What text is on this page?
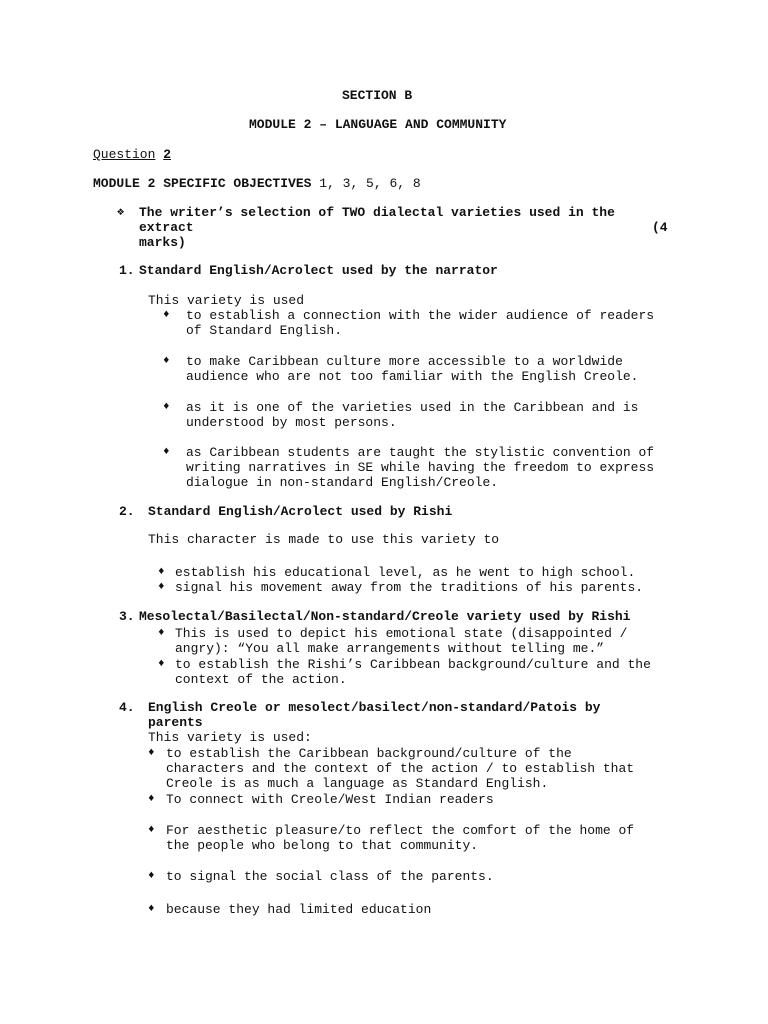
SECTION B
MODULE 2 – LANGUAGE AND COMMUNITY
Question 2
MODULE 2 SPECIFIC OBJECTIVES 1, 3, 5, 6, 8
❖
The writer’s selection of TWO dialectal varieties used in the
extract	(4
marks)
1. Standard English/Acrolect used by the narrator
This variety is used
♦
to establish a connection with the wider audience of readers
of Standard English.
♦
to make Caribbean culture more accessible to a worldwide
audience who are not too familiar with the English Creole.
♦
as it is one of the varieties used in the Caribbean and is
understood by most persons.
♦
as Caribbean students are taught the stylistic convention of
writing narratives in SE while having the freedom to express
dialogue in non-standard English/Creole.
2. Standard English/Acrolect used by Rishi
This character is made to use this variety to
♦
establish his educational level, as he went to high school.
♦
signal his movement away from the traditions of his parents.
3. Mesolectal/Basilectal/Non-standard/Creole variety used by Rishi
♦
This is used to depict his emotional state (disappointed /
angry): “You all make arrangements without telling me.”
♦
to establish the Rishi’s Caribbean background/culture and the
context of the action.
4. English Creole or mesolect/basilect/non-standard/Patois by
parents
This variety is used:
♦
to establish the Caribbean background/culture of the
characters and the context of the action / to establish that
Creole is as much a language as Standard English.
♦
To connect with Creole/West Indian readers
♦
For aesthetic pleasure/to reflect the comfort of the home of
the people who belong to that community.
♦
to signal the social class of the parents.
♦
because they had limited education
